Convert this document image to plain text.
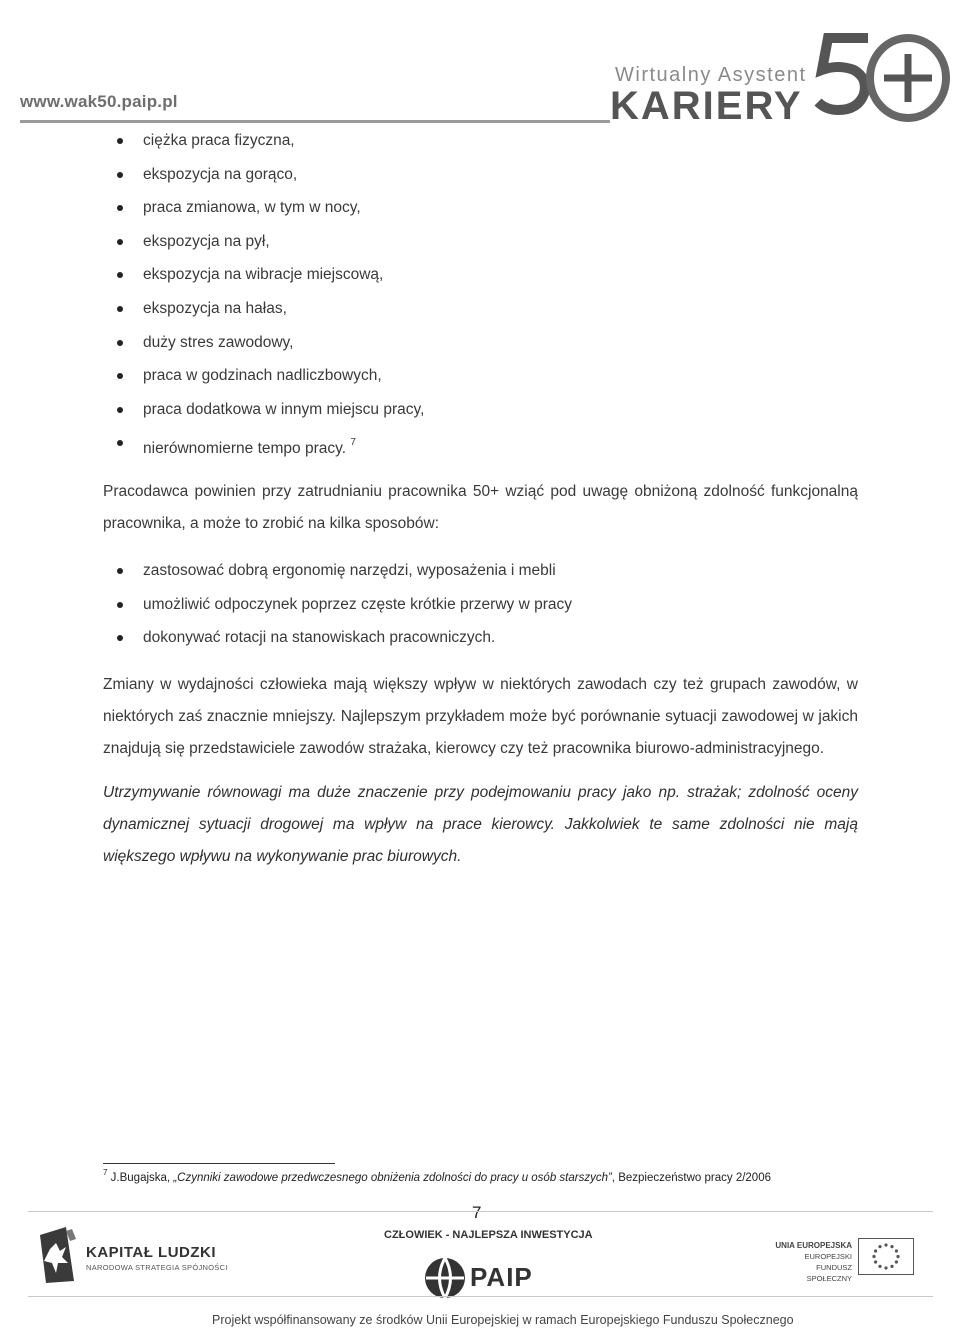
www.wak50.paip.pl
Wirtualny Asystent
KARIERY
ciężka praca fizyczna,
ekspozycja na gorąco,
praca zmianowa, w tym w nocy,
ekspozycja na pył,
ekspozycja na wibracje miejscową,
ekspozycja na hałas,
duży stres zawodowy,
praca w godzinach nadliczbowych,
praca dodatkowa w innym miejscu pracy,
nierównomierne tempo pracy. $^7$

Pracodawca powinien przy zatrudnianiu pracownika 50+ wziąć pod uwagę obniżoną zdolność funkcjonalną pracownika, a może to zrobić na kilka sposobów:

zastosować dobrą ergonomię narzędzi, wyposażenia i mebli
umożliwić odpoczynek poprzez częste krótkie przerwy w pracy
dokonywać rotacji na stanowiskach pracowniczych.

Zmiany w wydajności człowieka mają większy wpływ w niektórych zawodach czy też grupach zawodów, w niektórych zaś znacznie mniejszy. Najlepszym przykładem może być porównanie sytuacji zawodowej w jakich znajdują się przedstawiciele zawodów strażaka, kierowcy czy też pracownika biurowo-administracyjnego.

Utrzymywanie równowagi ma duże znaczenie przy podejmowaniu pracy jako np. strażak; zdolność oceny dynamicznej sytuacji drogowej ma wpływ na prace kierowcy. Jakkolwiek te same zdolności nie mają większego wpływu na wykonywanie prac biurowych.

$^7$ J.Bugajska, „Czynniki zawodowe przedwczesnego obniżenia zdolności do pracy u osób starszych”, Bezpieczeństwo pracy 2/2006
7
CZŁOWIEK - NAJLEPSZA INWESTYCJA
KAPITAŁ LUDZKI
NARODOWA STRATEGIA SPÓJNOŚCI	PAIP
UNIA EUROPEJSKA
EUROPEJSKI
FUNDUSZ SPOŁECZNY
Projekt współfinansowany ze środków Unii Europejskiej w ramach Europejskiego Funduszu Społecznego
